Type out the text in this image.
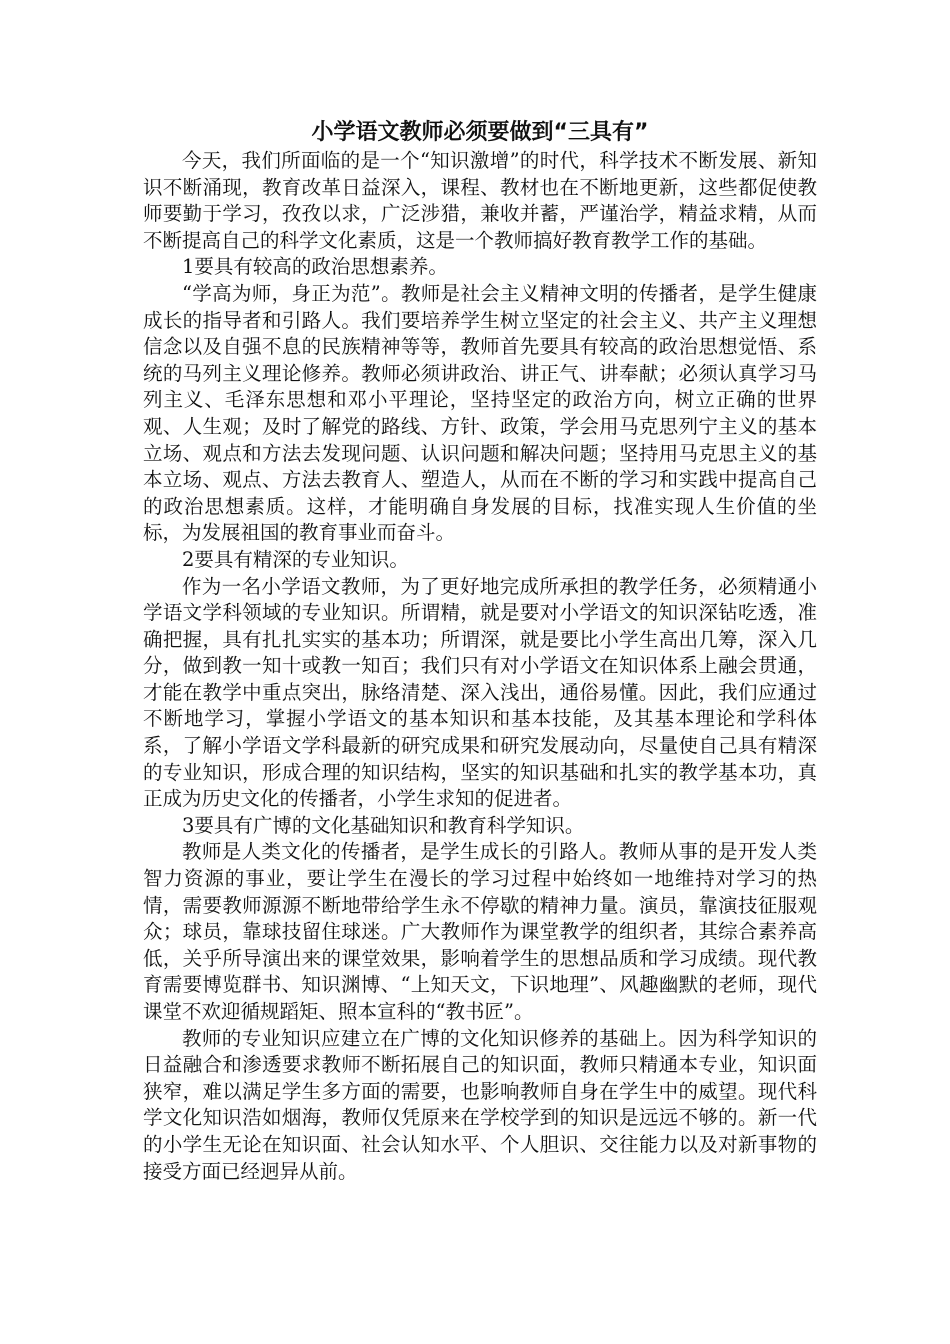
小学语文教师必须要做到“三具有”

今天，我们所面临的是一个“知识激增”的时代，科学技术不断发展、新知识不断涌现，教育改革日益深入，课程、教材也在不断地更新，这些都促使教师要勤于学习，孜孜以求，广泛涉猎，兼收并蓄，严谨治学，精益求精，从而不断提高自己的科学文化素质，这是一个教师搞好教育教学工作的基础。

1要具有较高的政治思想素养。

“学高为师，身正为范”。教师是社会主义精神文明的传播者，是学生健康成长的指导者和引路人。我们要培养学生树立坚定的社会主义、共产主义理想信念以及自强不息的民族精神等等，教师首先要具有较高的政治思想觉悟、系统的马列主义理论修养。教师必须讲政治、讲正气、讲奉献；必须认真学习马列主义、毛泽东思想和邓小平理论，坚持坚定的政治方向，树立正确的世界观、人生观；及时了解党的路线、方针、政策，学会用马克思列宁主义的基本立场、观点和方法去发现问题、认识问题和解决问题；坚持用马克思主义的基本立场、观点、方法去教育人、塑造人，从而在不断的学习和实践中提高自己的政治思想素质。这样，才能明确自身发展的目标，找准实现人生价值的坐标，为发展祖国的教育事业而奋斗。

2要具有精深的专业知识。

作为一名小学语文教师，为了更好地完成所承担的教学任务，必须精通小学语文学科领域的专业知识。所谓精，就是要对小学语文的知识深钻吃透，准确把握，具有扎扎实实的基本功；所谓深，就是要比小学生高出几筹，深入几分，做到教一知十或教一知百；我们只有对小学语文在知识体系上融会贯通，才能在教学中重点突出，脉络清楚、深入浅出，通俗易懂。因此，我们应通过不断地学习，掌握小学语文的基本知识和基本技能，及其基本理论和学科体系，了解小学语文学科最新的研究成果和研究发展动向，尽量使自己具有精深的专业知识，形成合理的知识结构，坚实的知识基础和扎实的教学基本功，真正成为历史文化的传播者，小学生求知的促进者。

3要具有广博的文化基础知识和教育科学知识。

教师是人类文化的传播者，是学生成长的引路人。教师从事的是开发人类智力资源的事业，要让学生在漫长的学习过程中始终如一地维持对学习的热情，需要教师源源不断地带给学生永不停歇的精神力量。演员，靠演技征服观众；球员，靠球技留住球迷。广大教师作为课堂教学的组织者，其综合素养高低，关乎所导演出来的课堂效果，影响着学生的思想品质和学习成绩。现代教育需要博览群书、知识渊博、“上知天文，下识地理”、风趣幽默的老师，现代课堂不欢迎循规蹈矩、照本宣科的“教书匠”。

教师的专业知识应建立在广博的文化知识修养的基础上。因为科学知识的日益融合和渗透要求教师不断拓展自己的知识面，教师只精通本专业，知识面狭窄，难以满足学生多方面的需要，也影响教师自身在学生中的威望。现代科学文化知识浩如烟海，教师仅凭原来在学校学到的知识是远远不够的。新一代的小学生无论在知识面、社会认知水平、个人胆识、交往能力以及对新事物的接受方面已经迥异从前。
